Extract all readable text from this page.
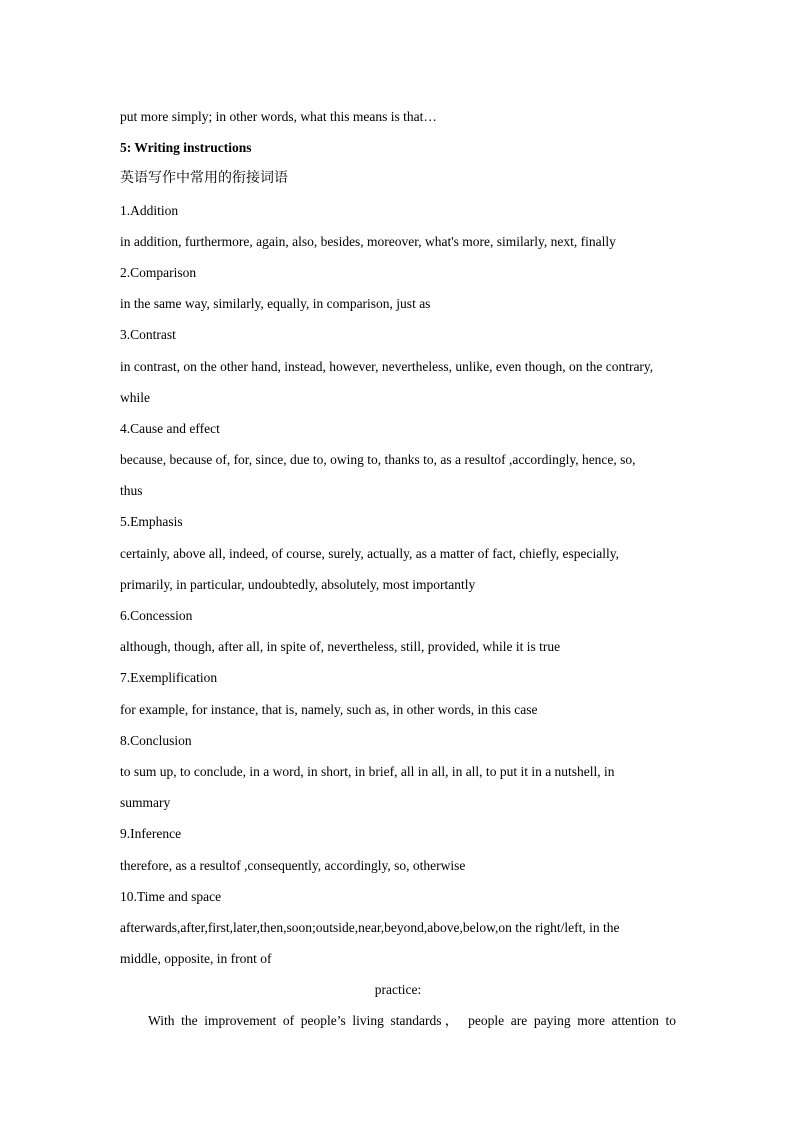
put more simply; in other words, what this means is that…
5: Writing instructions
英语写作中常用的衔接词语
1.Addition
in addition, furthermore, again, also, besides, moreover, what's more, similarly, next, finally
2.Comparison
in the same way, similarly, equally, in comparison, just as
3.Contrast
in contrast, on the other hand, instead, however, nevertheless, unlike, even though, on the contrary,
while
4.Cause and effect
because, because of, for, since, due to, owing to, thanks to, as a resultof ,accordingly, hence, so,
thus
5.Emphasis
certainly, above all, indeed, of course, surely, actually, as a matter of fact, chiefly, especially,
primarily, in particular, undoubtedly, absolutely, most importantly
6.Concession
although, though, after all, in spite of, nevertheless, still, provided, while it is true
7.Exemplification
for example, for instance, that is, namely, such as, in other words, in this case
8.Conclusion
to sum up, to conclude, in a word, in short, in brief, all in all, in all, to put it in a nutshell, in
summary
9.Inference
therefore, as a resultof ,consequently, accordingly, so, otherwise
10.Time and space
afterwards,after,first,later,then,soon;outside,near,beyond,above,below,on the right/left, in the
middle, opposite, in front of
practice:
With the improvement of people’s living standards， people are paying more attention to
